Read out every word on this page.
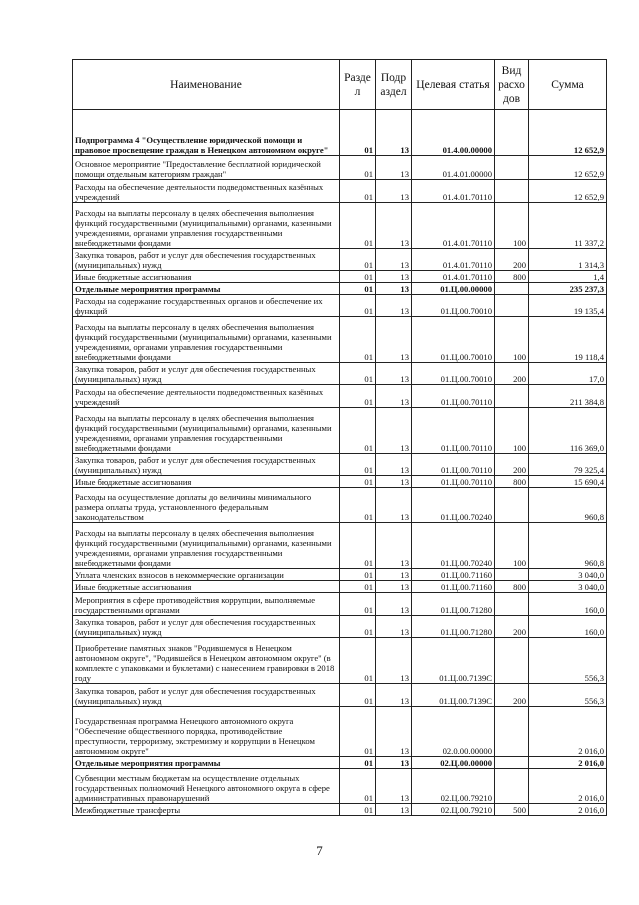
Наименование	Разде л	Подр аздел	Целевая статья	Вид расхо дов	Сумма
Подпрограмма 4 "Осуществление юридической помощи и правовое просвещение граждан в Ненецком автономном округе"	01	13	01.4.00.00000		12 652,9
Основное мероприятие "Предоставление бесплатной юридической помощи отдельным категориям граждан"	01	13	01.4.01.00000		12 652,9
Расходы на обеспечение деятельности подведомственных казённых учреждений	01	13	01.4.01.70110		12 652,9
Расходы на выплаты персоналу в целях обеспечения выполнения функций государственными (муниципальными) органами, казенными учреждениями, органами управления государственными внебюджетными фондами	01	13	01.4.01.70110	100	11 337,2
Закупка товаров, работ и услуг для обеспечения государственных (муниципальных) нужд	01	13	01.4.01.70110	200	1 314,3
Иные бюджетные ассигнования	01	13	01.4.01.70110	800	1,4
Отдельные мероприятия программы	01	13	01.Ц.00.00000		235 237,3
Расходы на содержание государственных органов и обеспечение их функций	01	13	01.Ц.00.70010		19 135,4
Расходы на выплаты персоналу в целях обеспечения выполнения функций государственными (муниципальными) органами, казенными учреждениями, органами управления государственными внебюджетными фондами	01	13	01.Ц.00.70010	100	19 118,4
Закупка товаров, работ и услуг для обеспечения государственных (муниципальных) нужд	01	13	01.Ц.00.70010	200	17,0
Расходы на обеспечение деятельности подведомственных казённых учреждений	01	13	01.Ц.00.70110		211 384,8
Расходы на выплаты персоналу в целях обеспечения выполнения функций государственными (муниципальными) органами, казенными учреждениями, органами управления государственными внебюджетными фондами	01	13	01.Ц.00.70110	100	116 369,0
Закупка товаров, работ и услуг для обеспечения государственных (муниципальных) нужд	01	13	01.Ц.00.70110	200	79 325,4
Иные бюджетные ассигнования	01	13	01.Ц.00.70110	800	15 690,4
Расходы на осуществление доплаты до величины минимального размера оплаты труда, установленного федеральным законодательством	01	13	01.Ц.00.70240		960,8
Расходы на выплаты персоналу в целях обеспечения выполнения функций государственными (муниципальными) органами, казенными учреждениями, органами управления государственными внебюджетными фондами	01	13	01.Ц.00.70240	100	960,8
Уплата членских взносов в некоммерческие организации	01	13	01.Ц.00.71160		3 040,0
Иные бюджетные ассигнования	01	13	01.Ц.00.71160	800	3 040,0
Мероприятия в сфере противодействия коррупции, выполняемые государственными органами	01	13	01.Ц.00.71280		160,0
Закупка товаров, работ и услуг для обеспечения государственных (муниципальных) нужд	01	13	01.Ц.00.71280	200	160,0
Приобретение памятных знаков "Родившемуся в Ненецком автономном округе", "Родившейся в Ненецком автономном округе" (в комплекте с упаковками и буклетами) с нанесением гравировки в 2018 году	01	13	01.Ц.00.7139С		556,3
Закупка товаров, работ и услуг для обеспечения государственных (муниципальных) нужд	01	13	01.Ц.00.7139С	200	556,3
Государственная программа Ненецкого автономного округа "Обеспечение общественного порядка, противодействие преступности, терроризму, экстремизму и коррупции в Ненецком автономном округе"	01	13	02.0.00.00000		2 016,0
Отдельные мероприятия программы	01	13	02.Ц.00.00000		2 016,0
Субвенции местным бюджетам на осуществление отдельных государственных полномочий Ненецкого автономного округа в сфере административных правонарушений	01	13	02.Ц.00.79210		2 016,0
Межбюджетные трансферты	01	13	02.Ц.00.79210	500	2 016,0
7
